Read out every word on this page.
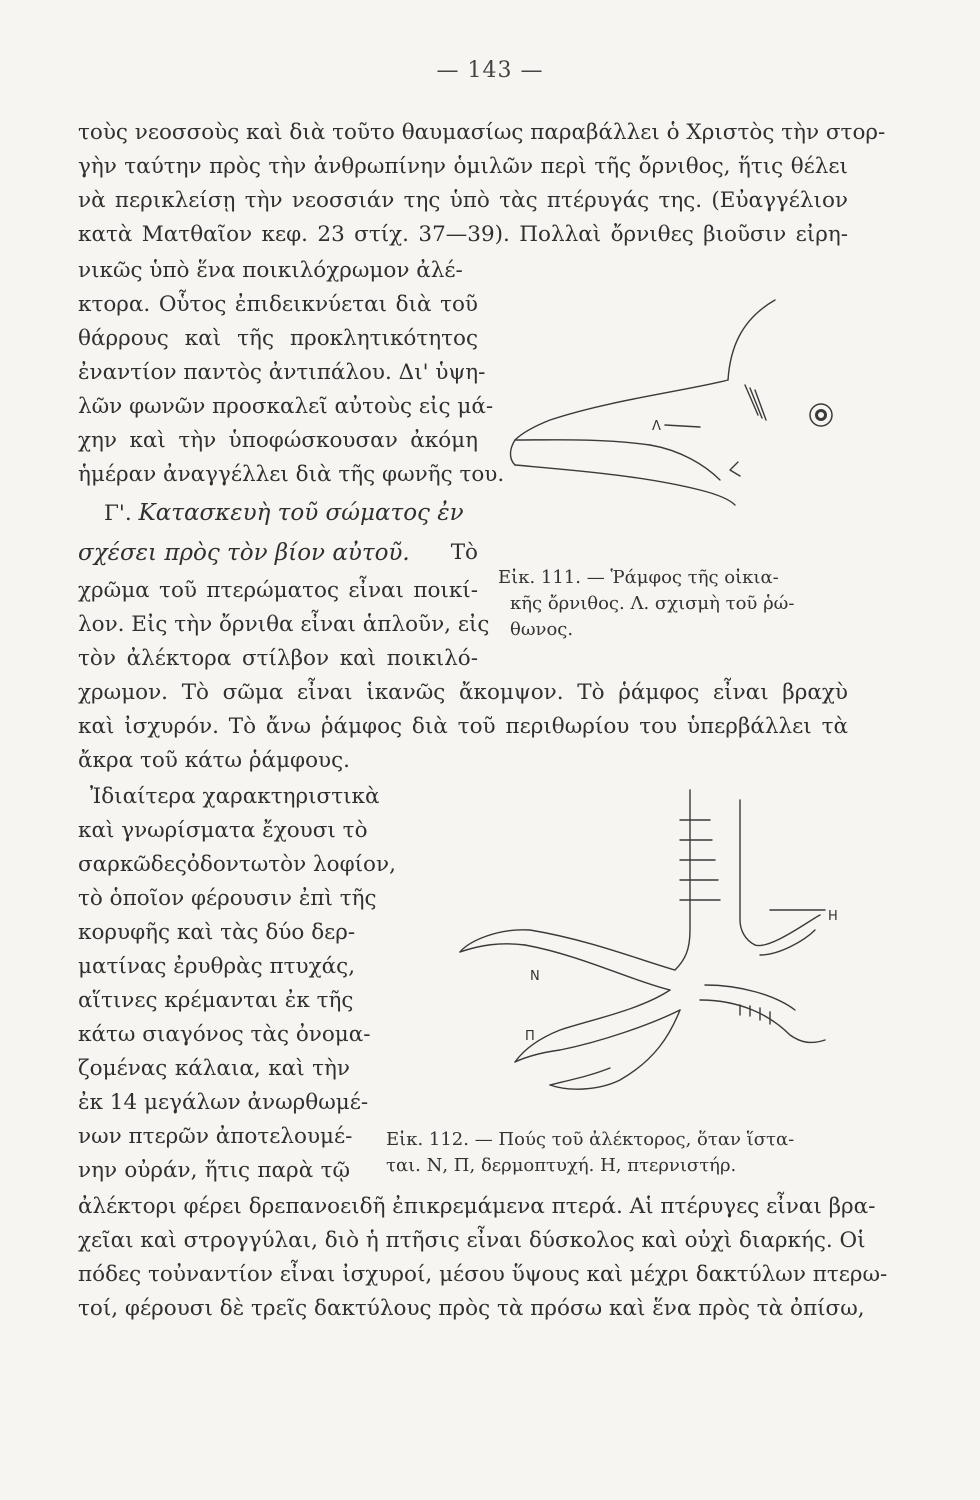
— 143 —
τοὺς νεοσσοὺς καὶ διὰ τοῦτο θαυμασίως παραβάλλει ὁ Χριστὸς τὴν στορ-
γὴν ταύτην πρὸς τὴν ἀνθρωπίνην ὁμιλῶν περὶ τῆς ὄρνιθος, ἥτις θέλει
νὰ περικλείσῃ τὴν νεοσσιάν της ὑπὸ τὰς πτέρυγάς της. (Εὐαγγέλιον
κατὰ Ματθαῖον κεφ. 23 στίχ. 37—39). Πολλαὶ ὄρνιθες βιοῦσιν εἰρη-
νικῶς ὑπὸ ἕνα ποικιλόχρωμον ἀλέ-
κτορα. Οὗτος ἐπιδεικνύεται διὰ τοῦ
θάρρους καὶ τῆς προκλητικότητος
ἐναντίον παντὸς ἀντιπάλου. Δι' ὑψη-
λῶν φωνῶν προσκαλεῖ αὐτοὺς εἰς μά-
χην καὶ τὴν ὑποφώσκουσαν ἀκόμη
ἡμέραν ἀναγγέλλει διὰ τῆς φωνῆς του.
Γ'. Κατασκευὴ τοῦ σώματος ἐν
σχέσει πρὸς τὸν βίον αὐτοῦ. Τὸ
χρῶμα τοῦ πτερώματος εἶναι ποικί-
λον. Εἰς τὴν ὄρνιθα εἶναι ἁπλοῦν, εἰς
τὸν ἀλέκτορα στίλβον καὶ ποικιλό-
χρωμον. Τὸ σῶμα εἶναι ἱκανῶς ἄκομψον. Τὸ ῥάμφος εἶναι βραχὺ
καὶ ἰσχυρόν. Τὸ ἄνω ῥάμφος διὰ τοῦ περιθωρίου του ὑπερβάλλει τὰ
ἄκρα τοῦ κάτω ῥάμφους.
Ἰδιαίτερα χαρακτηριστικὰ
καὶ γνωρίσματα ἔχουσι τὸ
σαρκῶδεςὀδοντωτὸν λοφίον,
τὸ ὁποῖον φέρουσιν ἐπὶ τῆς
κορυφῆς καὶ τὰς δύο δερ-
ματίνας ἐρυθρὰς πτυχάς,
αἵτινες κρέμανται ἐκ τῆς
κάτω σιαγόνος τὰς ὀνομα-
ζομένας κάλαια, καὶ τὴν
ἐκ 14 μεγάλων ἀνωρθωμέ-
νων πτερῶν ἀποτελουμέ-
νην οὐράν, ἥτις παρὰ τῷ
ἀλέκτορι φέρει δρεπανοειδῆ ἐπικρεμάμενα πτερά. Αἱ πτέρυγες εἶναι βρα-
χεῖαι καὶ στρογγύλαι, διὸ ἡ πτῆσις εἶναι δύσκολος καὶ οὐχὶ διαρκής. Οἱ
πόδες τοὐναντίον εἶναι ἰσχυροί, μέσου ὕψους καὶ μέχρι δακτύλων πτερω-
τοί, φέρουσι δὲ τρεῖς δακτύλους πρὸς τὰ πρόσω καὶ ἕνα πρὸς τὰ ὀπίσω,
Λ
Εἰκ. 111. — Ῥάμφος τῆς οἰκια-
κῆς ὄρνιθος. Λ. σχισμὴ τοῦ ῥώ-
θωνος.
Η
Ν
Π
Εἰκ. 112. — Πούς τοῦ ἀλέκτορος, ὅταν ἵστα-
ται. Ν, Π, δερμοπτυχή. Η, πτερνιστήρ.
